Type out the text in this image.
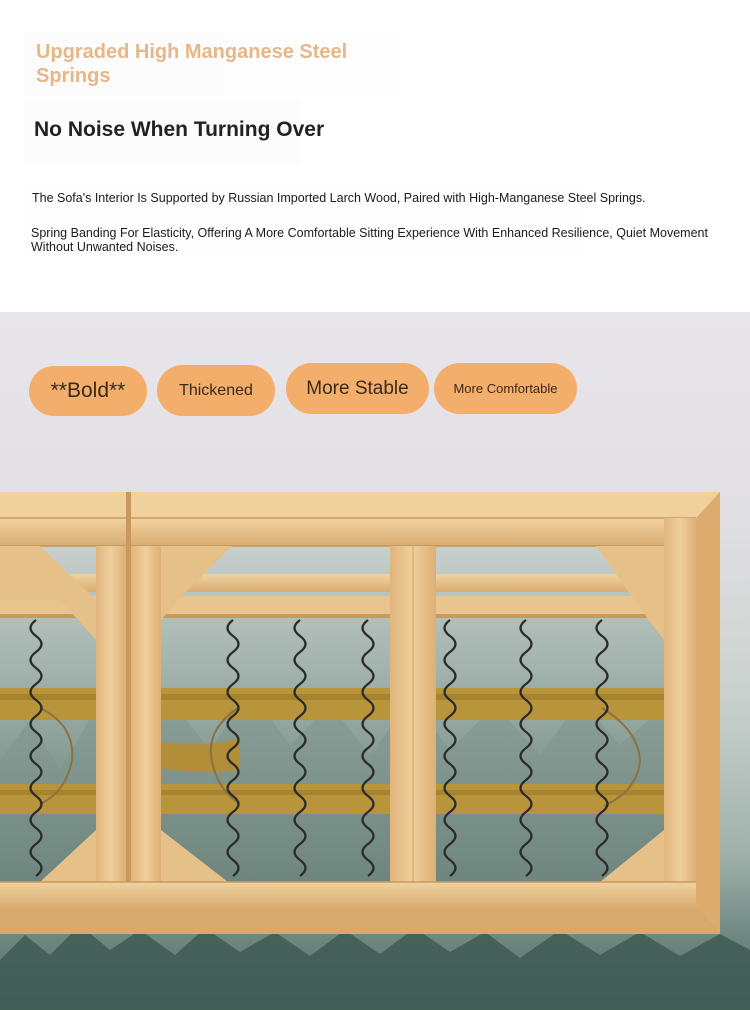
Upgraded High Manganese Steel Springs
No Noise When Turning Over

The Sofa's Interior Is Supported by Russian Imported Larch Wood, Paired with High-Manganese Steel Springs.

Spring Banding For Elasticity, Offering A More Comfortable Sitting Experience With Enhanced Resilience, Quiet Movement Without Unwanted Noises.

**Bold**	Thickened	More Stable	More Comfortable
